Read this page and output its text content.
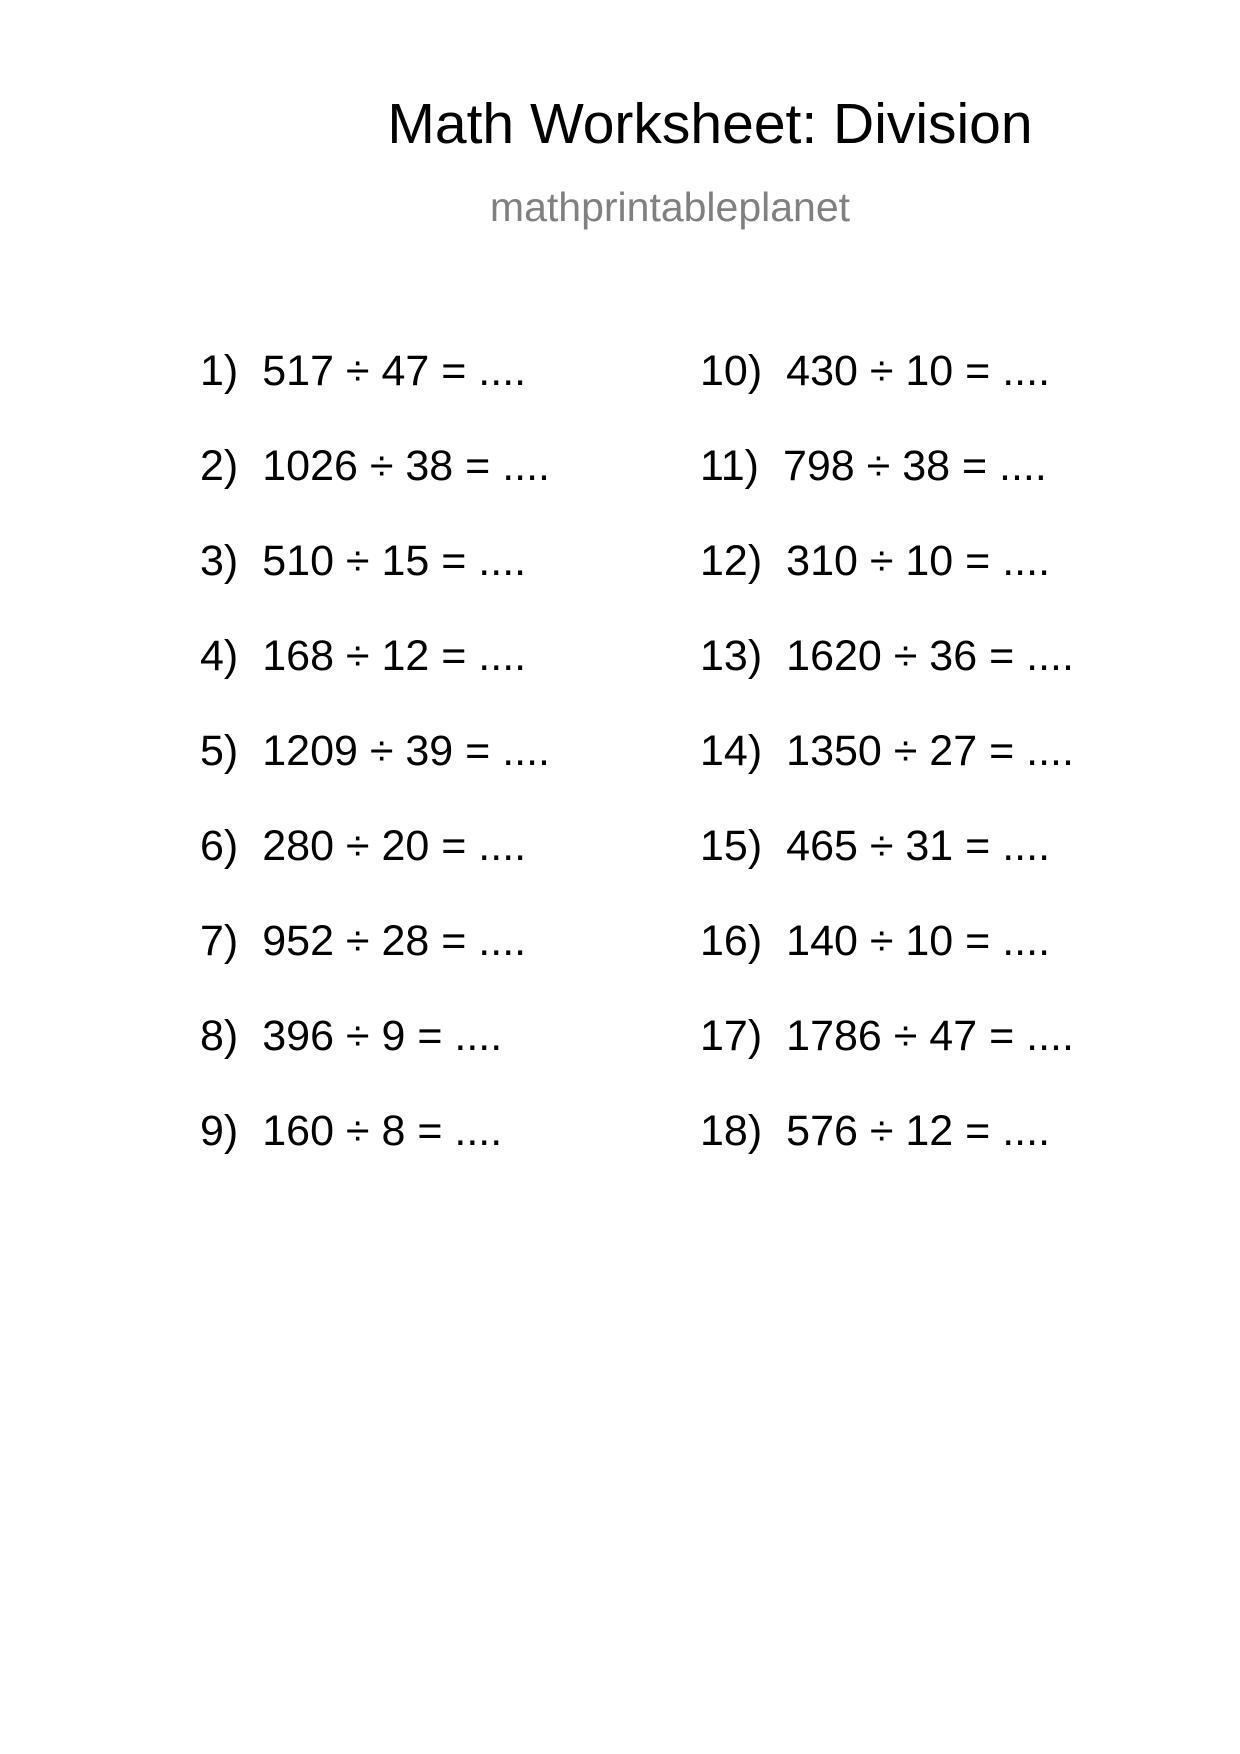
Math Worksheet: Division
mathprintableplanet
1) 517 ÷ 47 = ....
2) 1026 ÷ 38 = ....
3) 510 ÷ 15 = ....
4) 168 ÷ 12 = ....
5) 1209 ÷ 39 = ....
6) 280 ÷ 20 = ....
7) 952 ÷ 28 = ....
8) 396 ÷ 9 = ....
9) 160 ÷ 8 = ....
10) 430 ÷ 10 = ....
11) 798 ÷ 38 = ....
12) 310 ÷ 10 = ....
13) 1620 ÷ 36 = ....
14) 1350 ÷ 27 = ....
15) 465 ÷ 31 = ....
16) 140 ÷ 10 = ....
17) 1786 ÷ 47 = ....
18) 576 ÷ 12 = ....
